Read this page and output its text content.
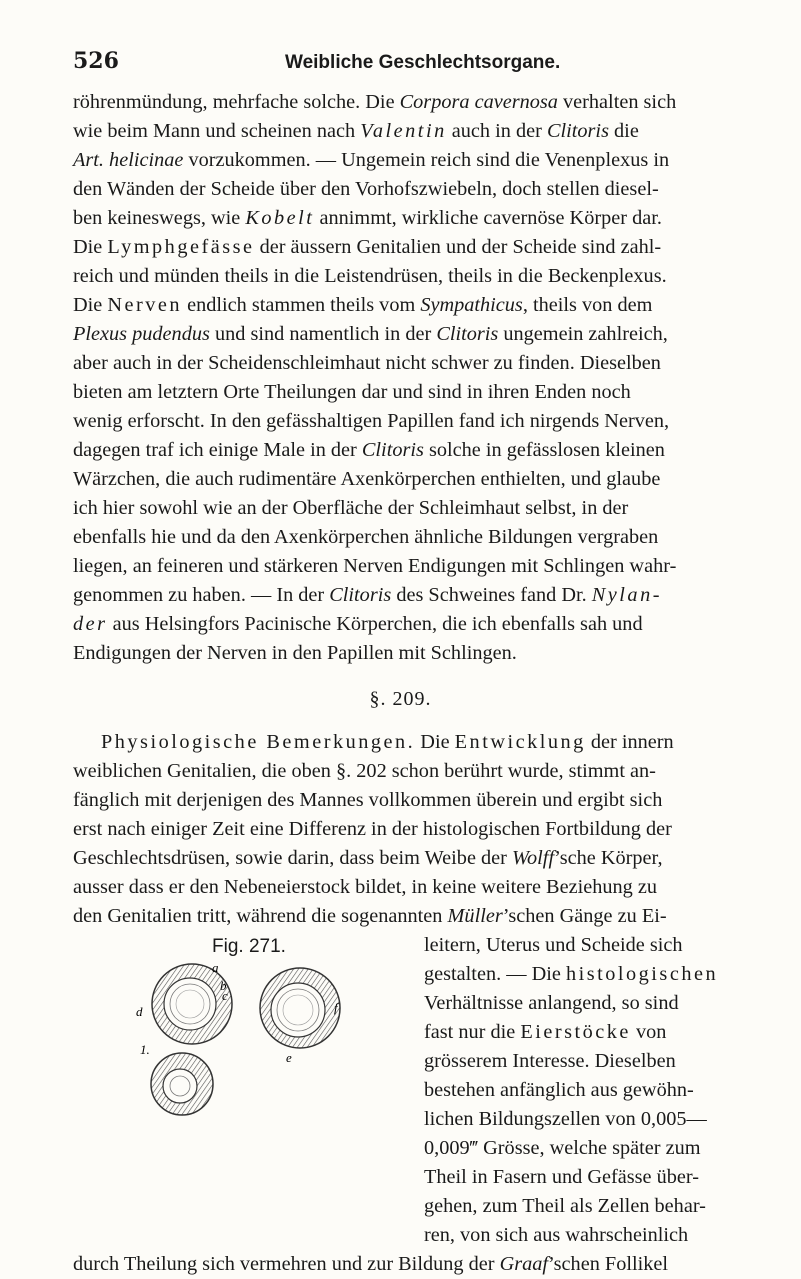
526	Weibliche Geschlechtsorgane.
röhrenmündung, mehrfache solche. Die Corpora cavernosa verhalten sich
wie beim Mann und scheinen nach Valentin auch in der Clitoris die
Art. helicinae vorzukommen. — Ungemein reich sind die Venenplexus in
den Wänden der Scheide über den Vorhofszwiebeln, doch stellen diesel-
ben keineswegs, wie Kobelt annimmt, wirkliche cavernöse Körper dar.
Die Lymphgefässe der äussern Genitalien und der Scheide sind zahl-
reich und münden theils in die Leistendrüsen, theils in die Beckenplexus.
Die Nerven endlich stammen theils vom Sympathicus, theils von dem
Plexus pudendus und sind namentlich in der Clitoris ungemein zahlreich,
aber auch in der Scheidenschleimhaut nicht schwer zu finden. Dieselben
bieten am letztern Orte Theilungen dar und sind in ihren Enden noch
wenig erforscht. In den gefässhaltigen Papillen fand ich nirgends Nerven,
dagegen traf ich einige Male in der Clitoris solche in gefässlosen kleinen
Wärzchen, die auch rudimentäre Axenkörperchen enthielten, und glaube
ich hier sowohl wie an der Oberfläche der Schleimhaut selbst, in der
ebenfalls hie und da den Axenkörperchen ähnliche Bildungen vergraben
liegen, an feineren und stärkeren Nerven Endigungen mit Schlingen wahr-
genommen zu haben. — In der Clitoris des Schweines fand Dr. Nylan-
der aus Helsingfors Pacinische Körperchen, die ich ebenfalls sah und
Endigungen der Nerven in den Papillen mit Schlingen.
§. 209.
Physiologische Bemerkungen. Die Entwicklung der innern
weiblichen Genitalien, die oben §. 202 schon berührt wurde, stimmt an-
fänglich mit derjenigen des Mannes vollkommen überein und ergibt sich
erst nach einiger Zeit eine Differenz in der histologischen Fortbildung der
Geschlechtsdrüsen, sowie darin, dass beim Weibe der Wolff’sche Körper,
ausser dass er den Nebeneierstock bildet, in keine weitere Beziehung zu
den Genitalien tritt, während die sogenannten Müller’schen Gänge zu Ei-
leitern, Uterus und Scheide sich
gestalten. — Die histologischen
Verhältnisse anlangend, so sind
fast nur die Eierstöcke von
grösserem Interesse. Dieselben
bestehen anfänglich aus gewöhn-
lichen Bildungszellen von 0,005—
0,009‴ Grösse, welche später zum
Theil in Fasern und Gefässe über-
gehen, zum Theil als Zellen behar-
ren, von sich aus wahrscheinlich
Fig. 271.
1.
a
b
c
d
e
f
durch Theilung sich vermehren und zur Bildung der Graaf’schen Follikel
